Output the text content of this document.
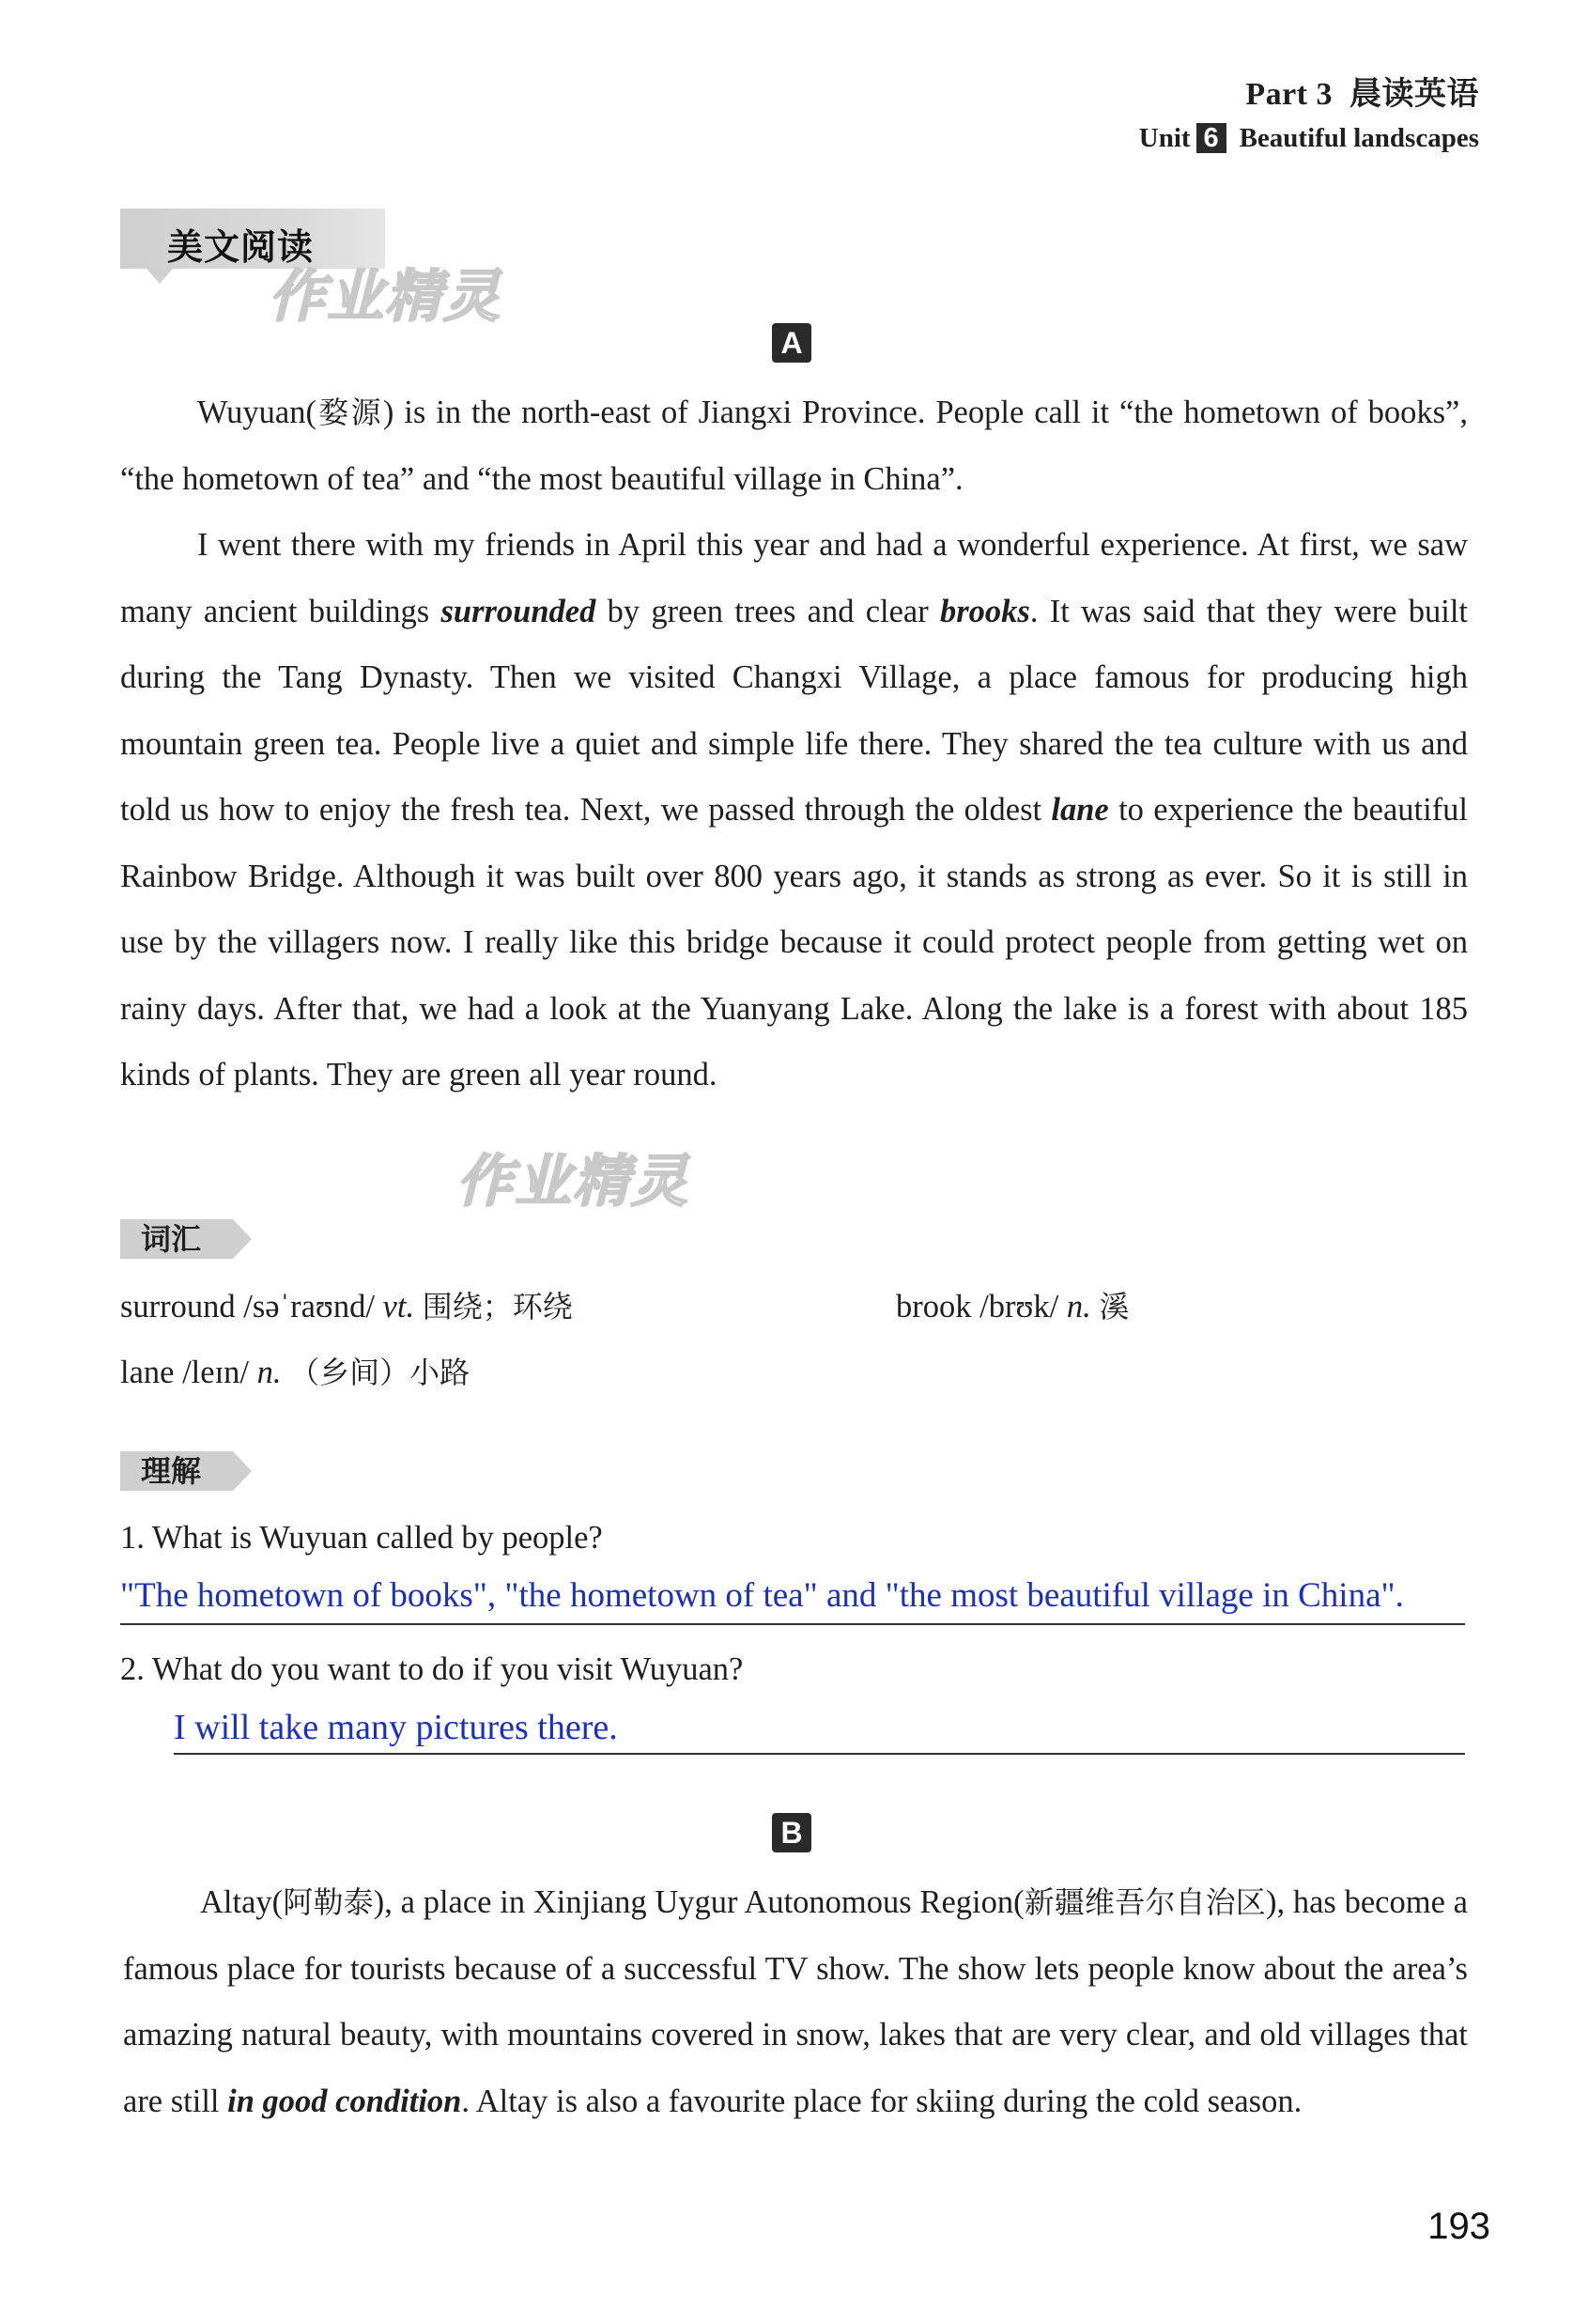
Part 3 晨读英语
Unit 6 Beautiful landscapes
美文阅读
作业精灵
A

Wuyuan(婺源) is in the north-east of Jiangxi Province. People call it “the hometown of books”, “the hometown of tea” and “the most beautiful village in China”.

I went there with my friends in April this year and had a wonderful experience. At first, we saw many ancient buildings surrounded by green trees and clear brooks. It was said that they were built during the Tang Dynasty. Then we visited Changxi Village, a place famous for producing high mountain green tea. People live a quiet and simple life there. They shared the tea culture with us and told us how to enjoy the fresh tea. Next, we passed through the oldest lane to experience the beautiful Rainbow Bridge. Although it was built over 800 years ago, it stands as strong as ever. So it is still in use by the villagers now. I really like this bridge because it could protect people from getting wet on rainy days. After that, we had a look at the Yuanyang Lake. Along the lake is a forest with about 185 kinds of plants. They are green all year round.

作业精灵
词汇
surround /səˈraʊnd/ vt. 围绕；环绕	brook /brʊk/ n. 溪
lane /leɪn/ n. （乡间）小路
理解
1. What is Wuyuan called by people?
"The hometown of books", "the hometown of tea" and "the most beautiful village in China".
2. What do you want to do if you visit Wuyuan?
I will take many pictures there.
B

Altay(阿勒泰), a place in Xinjiang Uygur Autonomous Region(新疆维吾尔自治区), has become a famous place for tourists because of a successful TV show. The show lets people know about the area’s amazing natural beauty, with mountains covered in snow, lakes that are very clear, and old villages that are still in good condition. Altay is also a favourite place for skiing during the cold season.

193
